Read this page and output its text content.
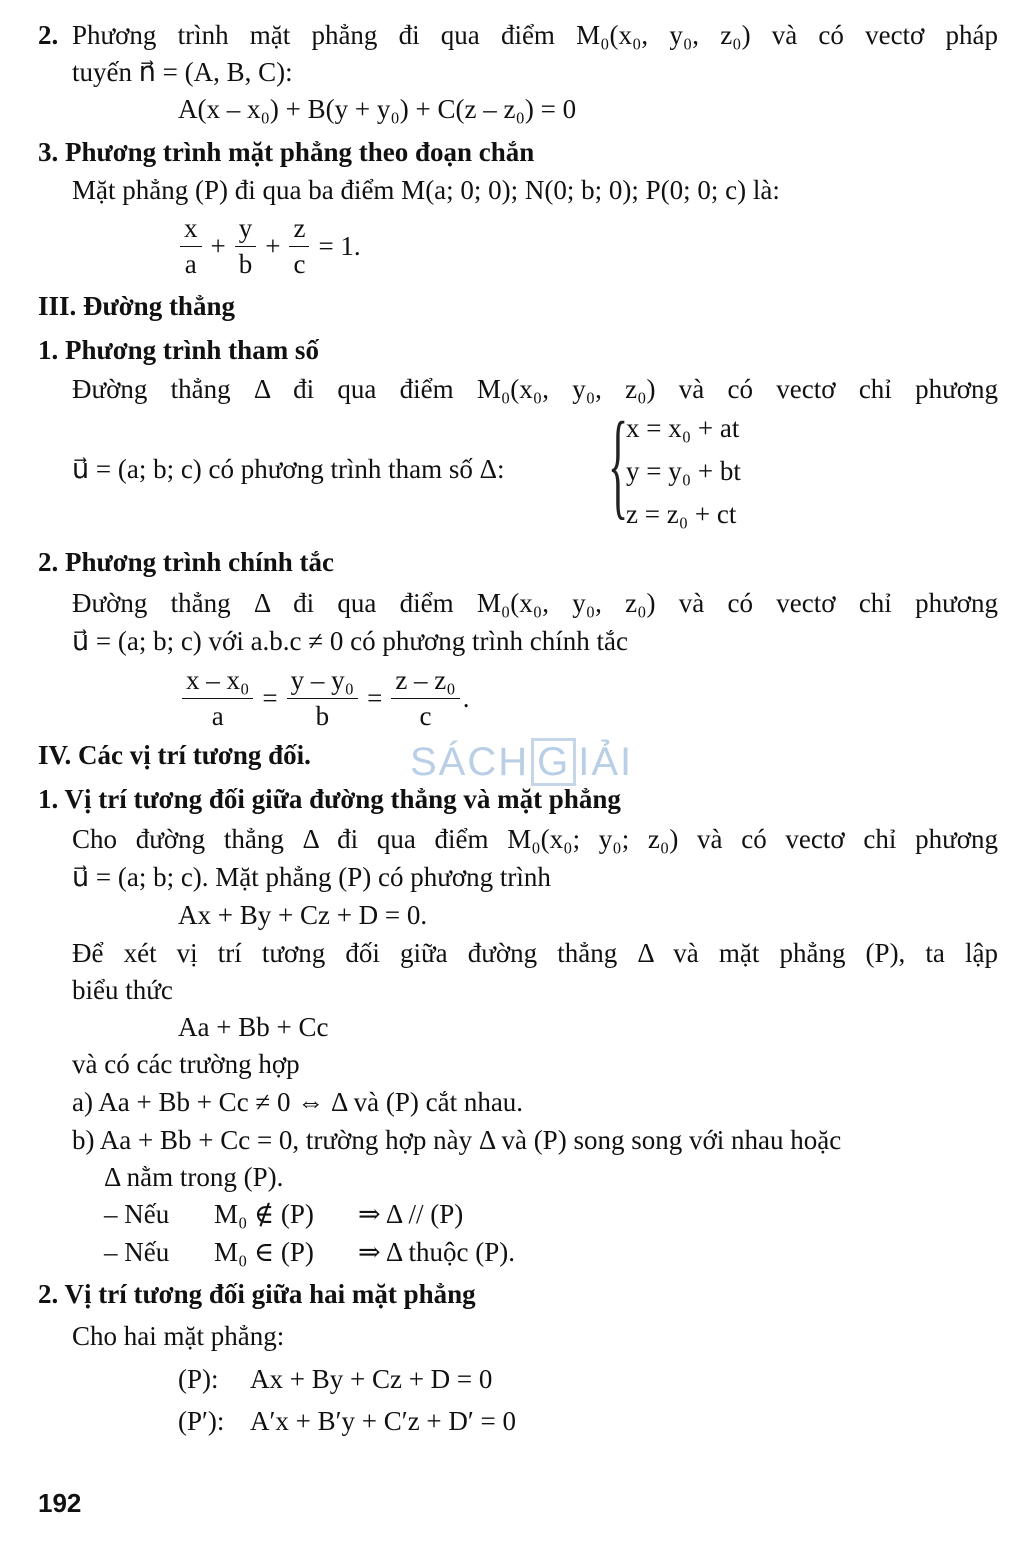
SÁCH G IẢI
2. Phương trình mặt phẳng đi qua điểm M₀(x₀, y₀, z₀) và có vectơ pháp
tuyến n⃗ = (A, B, C):
A(x – x₀) + B(y + y₀) + C(z – z₀) = 0
3. Phương trình mặt phẳng theo đoạn chắn
Mặt phẳng (P) đi qua ba điểm M(a; 0; 0); N(0; b; 0); P(0; 0; c) là:
$\frac{x}{a} + \frac{y}{b} + \frac{z}{c} = 1$.
III. Đường thẳng
1. Phương trình tham số
Đường thẳng Δ đi qua điểm M₀(x₀, y₀, z₀) và có vectơ chỉ phương
u⃗ = (a; b; c) có phương trình tham số Δ: {
x = x₀ + at
y = y₀ + bt
z = z₀ + ct
2. Phương trình chính tắc
Đường thẳng Δ đi qua điểm M₀(x₀, y₀, z₀) và có vectơ chỉ phương
u⃗ = (a; b; c) với a.b.c ≠ 0 có phương trình chính tắc
$\frac{\text{x – x₀}}{a} = \frac{\text{y – y₀}}{b} = \frac{\text{z – z₀}}{c}$ .
IV. Các vị trí tương đối.
1. Vị trí tương đối giữa đường thẳng và mặt phẳng
Cho đường thẳng Δ đi qua điểm M₀(x₀; y₀; z₀) và có vectơ chỉ phương
u⃗ = (a; b; c). Mặt phẳng (P) có phương trình
Ax + By + Cz + D = 0.
Để xét vị trí tương đối giữa đường thẳng Δ và mặt phẳng (P), ta lập
biểu thức
Aa + Bb + Cc
và có các trường hợp
a) Aa + Bb + Cc ≠ 0 ⇔ Δ và (P) cắt nhau.
b) Aa + Bb + Cc = 0, trường hợp này Δ và (P) song song với nhau hoặc
Δ nằm trong (P).
– Nếu M₀ ∉ (P) ⇒ Δ // (P)
– Nếu M₀ ∈ (P) ⇒ Δ thuộc (P).
2. Vị trí tương đối giữa hai mặt phẳng
Cho hai mặt phẳng:
(P): Ax + By + Cz + D = 0
(P′): A′x + B′y + C′z + D′ = 0
192
